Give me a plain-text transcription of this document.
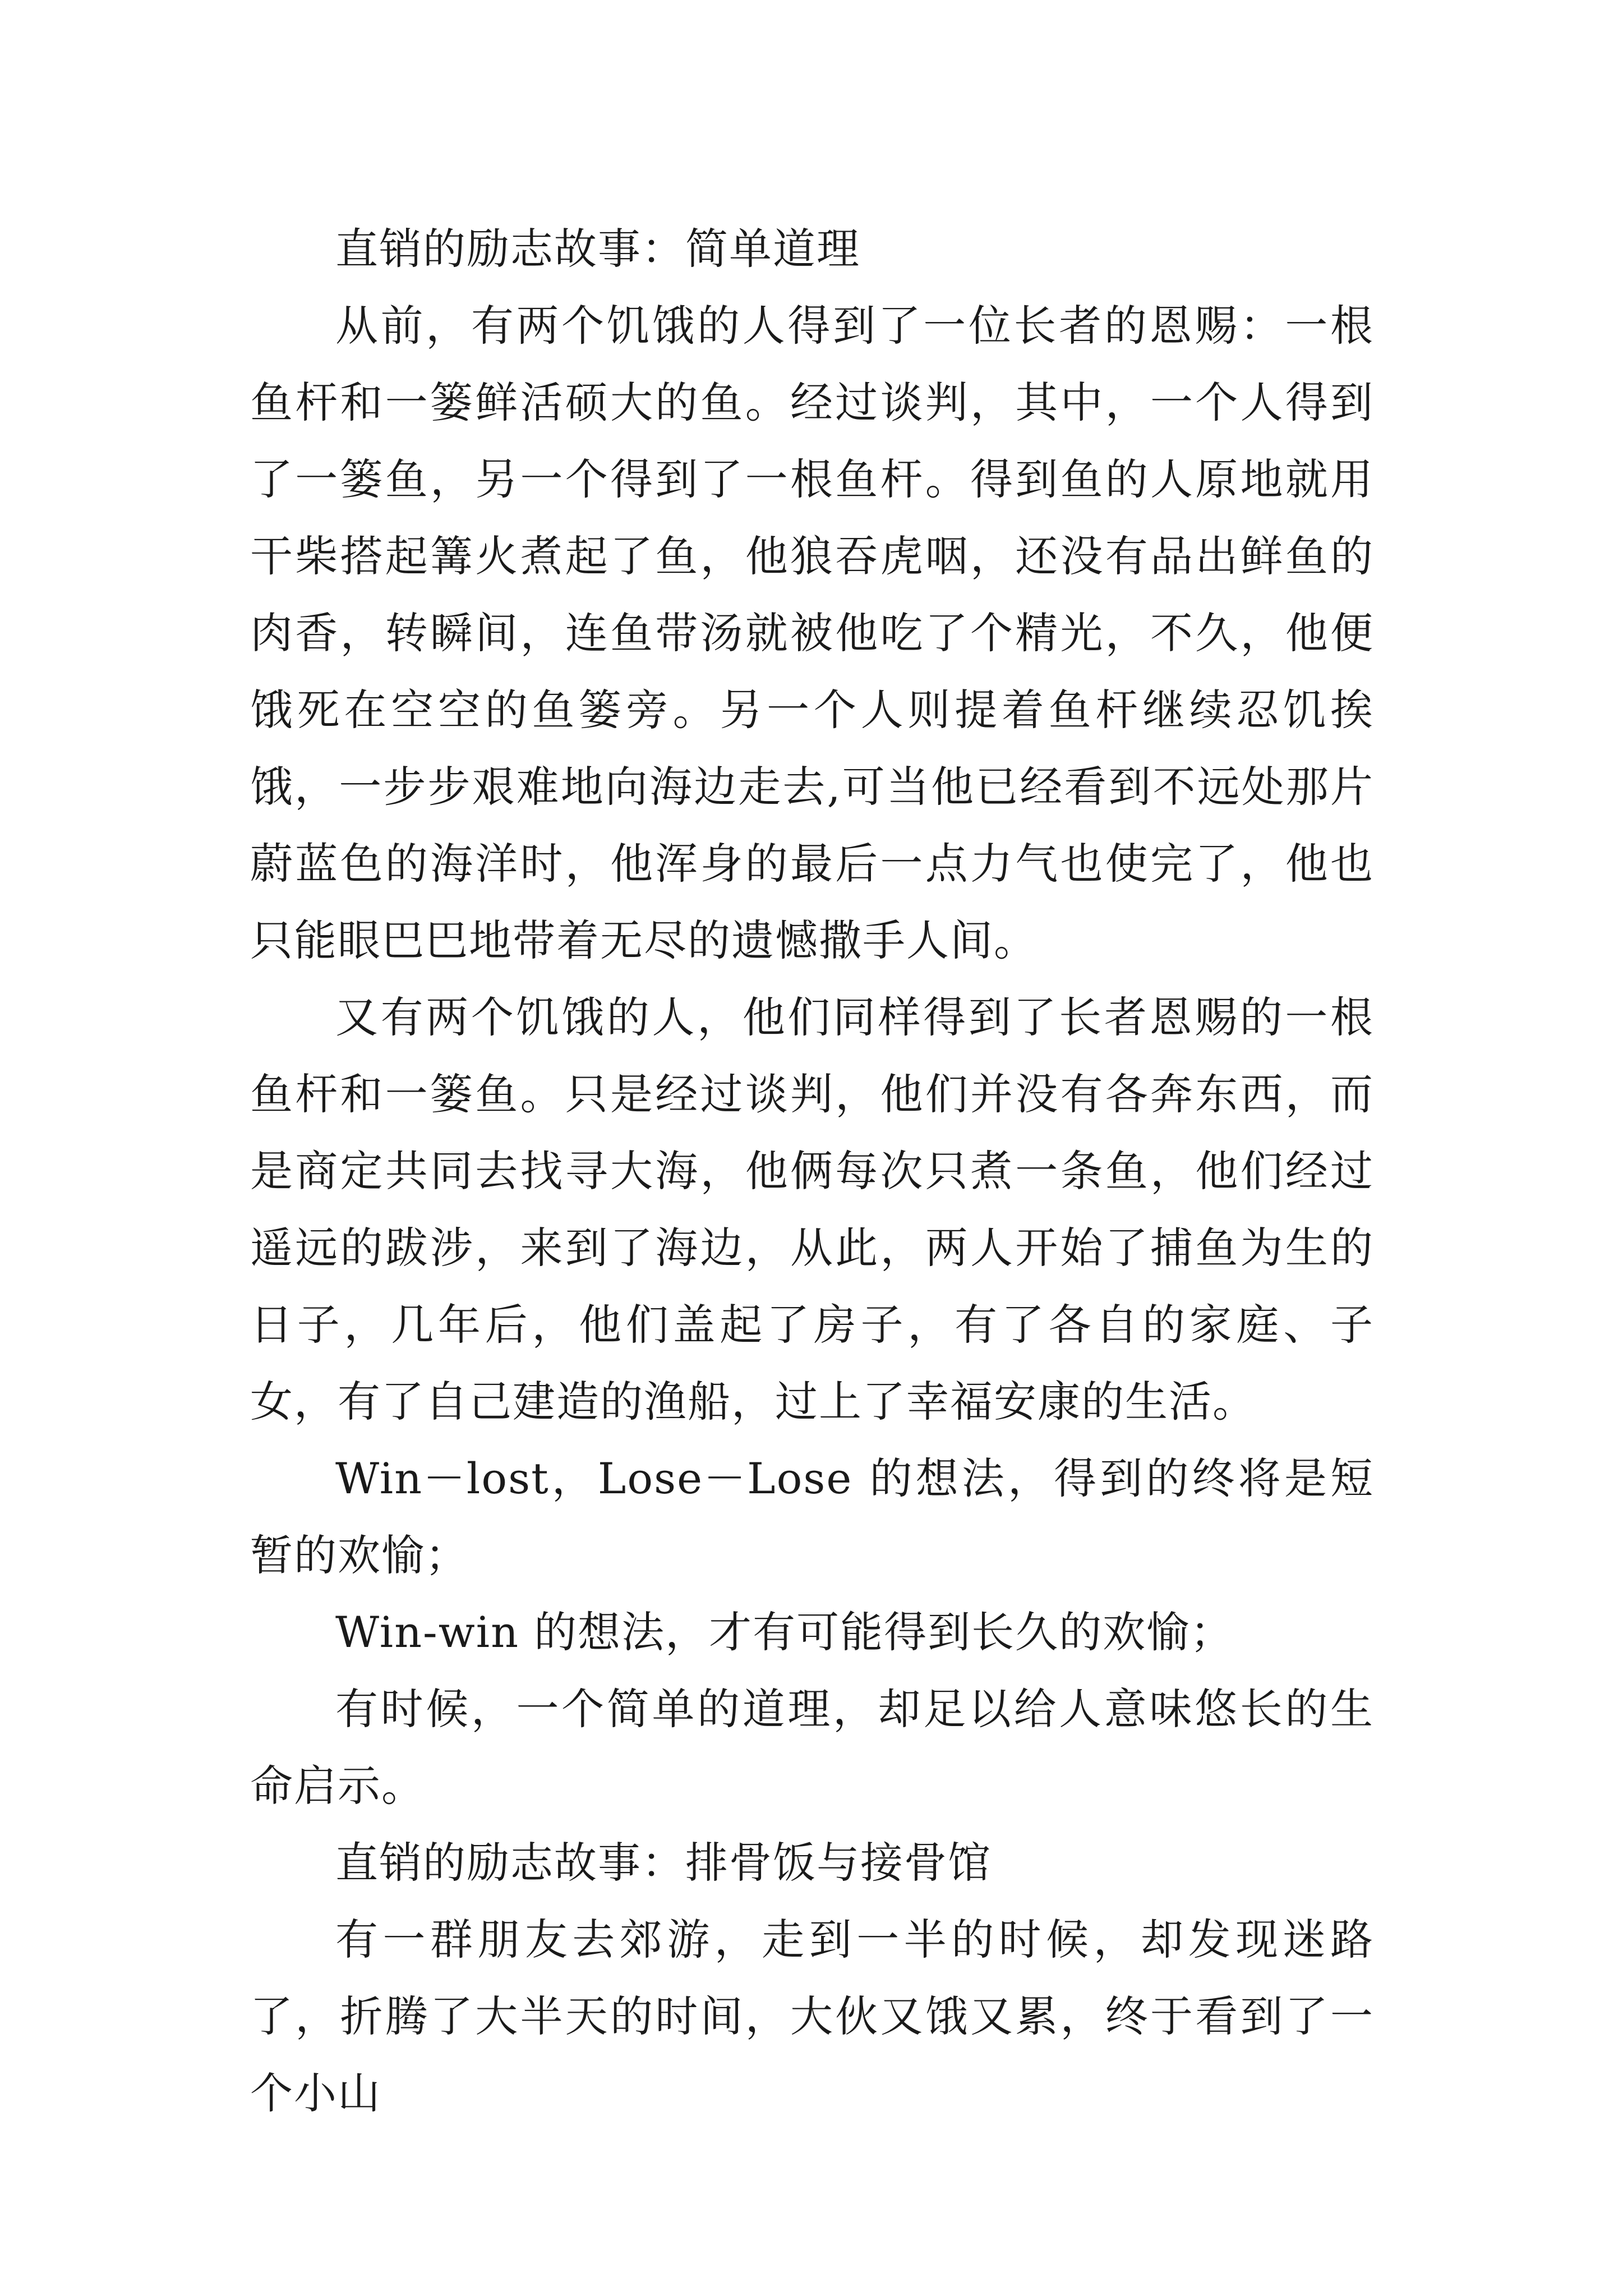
直销的励志故事：简单道理

从前，有两个饥饿的人得到了一位长者的恩赐：一根鱼杆和一篓鲜活硕大的鱼。经过谈判，其中，一个人得到了一篓鱼，另一个得到了一根鱼杆。得到鱼的人原地就用干柴搭起篝火煮起了鱼，他狼吞虎咽，还没有品出鲜鱼的肉香，转瞬间，连鱼带汤就被他吃了个精光，不久，他便饿死在空空的鱼篓旁。另一个人则提着鱼杆继续忍饥挨饿，一步步艰难地向海边走去,可当他已经看到不远处那片蔚蓝色的海洋时，他浑身的最后一点力气也使完了，他也只能眼巴巴地带着无尽的遗憾撒手人间。

又有两个饥饿的人，他们同样得到了长者恩赐的一根鱼杆和一篓鱼。只是经过谈判，他们并没有各奔东西，而是商定共同去找寻大海，他俩每次只煮一条鱼，他们经过遥远的跋涉，来到了海边，从此，两人开始了捕鱼为生的日子，几年后，他们盖起了房子，有了各自的家庭、子女，有了自己建造的渔船，过上了幸福安康的生活。

Win－lost，Lose－Lose 的想法，得到的终将是短暂的欢愉；

Win-win 的想法，才有可能得到长久的欢愉；

有时候，一个简单的道理，却足以给人意味悠长的生命启示。

直销的励志故事：排骨饭与接骨馆

有一群朋友去郊游，走到一半的时候，却发现迷路了，折腾了大半天的时间，大伙又饿又累，终于看到了一个小山
